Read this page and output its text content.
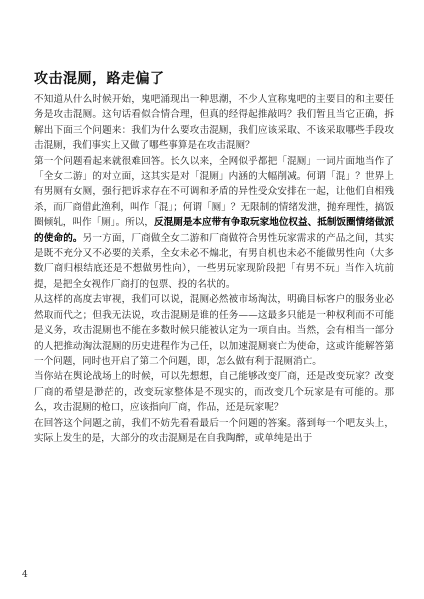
攻击混厕，路走偏了

不知道从什么时候开始，鬼吧涌现出一种思潮，不少人宣称鬼吧的主要目的和主要任务是攻击混厕。这句话看似合情合理，但真的经得起推敲吗？我们暂且当它正确，拆解出下面三个问题来：我们为什么要攻击混厕，我们应该采取、不该采取哪些手段攻击混厕，我们事实上又做了哪些事算是在攻击混厕？

第一个问题看起来就很难回答。长久以来，全网似乎都把「混厕」一词片面地当作了「全女二游」的对立面，这其实是对「混厕」内涵的大幅削减。何谓「混」？世界上有男厕有女厕，强行把诉求存在不可调和矛盾的异性受众安排在一起，让他们自相残杀，而厂商借此渔利，叫作「混」；何谓「厕」？无限制的情绪发泄，抛弃理性，搞饭圈倾轧，叫作「厕」。所以，反混厕是本应带有争取玩家地位权益、抵制饭圈情绪做派的使命的。另一方面，厂商做全女二游和厂商做符合男性玩家需求的产品之间，其实是既不充分又不必要的关系，全女未必不煽北，有男自机也未必不能做男性向（大多数厂商归根结底还是不想做男性向），一些男玩家现阶段把「有男不玩」当作入坑前提，是把全女视作厂商打的包票、投的名状的。

从这样的高度去审视，我们可以说，混厕必然被市场淘汰，明确目标客户的服务业必然取而代之；但我无法说，攻击混厕是谁的任务——这最多只能是一种权利而不可能是义务，攻击混厕也不能在多数时候只能被认定为一项自由。当然，会有相当一部分的人把推动淘汰混厕的历史进程作为己任，以加速混厕衰亡为使命，这或许能解答第一个问题，同时也开启了第二个问题，即，怎么做有利于混厕消亡。

当你站在舆论战场上的时候，可以先想想，自己能够改变厂商，还是改变玩家？改变厂商的希望是渺茫的，改变玩家整体是不现实的，而改变几个玩家是有可能的。那么，攻击混厕的枪口，应该指向厂商，作品，还是玩家呢？

在回答这个问题之前，我们不妨先看看最后一个问题的答案。落到每一个吧友头上，实际上发生的是，大部分的攻击混厕是在自我陶醉，或单纯是出于

4
